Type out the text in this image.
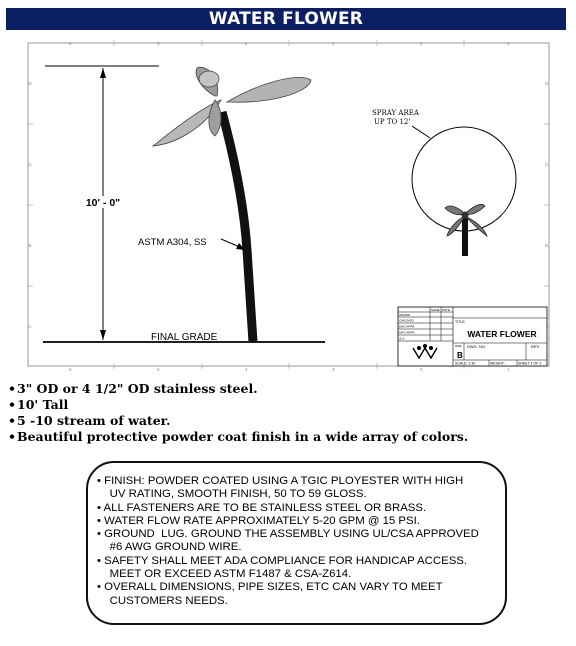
WATER FLOWER
6	5	4	3	2	1
6	5	4	3	2	1
D
C
B
A
D
C
B
10' - 0"
FINAL GRADE
ASTM A304, SS
SPRAY AREA
UP TO 12'
NAME DATE
DRAWN
CHECKED
ENG APPR.
MFG APPR.
Q.A.
TITLE:
WATER FLOWER
SIZE
B
DWG. NO.	REV
SCALE: 1:30	WEIGHT:	SHEET 1 OF 1
• 3" OD or 4 1/2" OD stainless steel.
• 10' Tall
• 5 -10 stream of water.
• Beautiful protective powder coat finish in a wide array of colors.
• FINISH: POWDER COATED USING A TGIC PLOYESTER WITH HIGH
UV RATING, SMOOTH FINISH, 50 TO 59 GLOSS.
• ALL FASTENERS ARE TO BE STAINLESS STEEL OR BRASS.
• WATER FLOW RATE APPROXIMATELY 5-20 GPM @ 15 PSI.
• GROUND  LUG. GROUND THE ASSEMBLY USING UL/CSA APPROVED
#6 AWG GROUND WIRE.
• SAFETY SHALL MEET ADA COMPLIANCE FOR HANDICAP ACCESS.
MEET OR EXCEED ASTM F1487 & CSA-Z614.
• OVERALL DIMENSIONS, PIPE SIZES, ETC CAN VARY TO MEET
CUSTOMERS NEEDS.
